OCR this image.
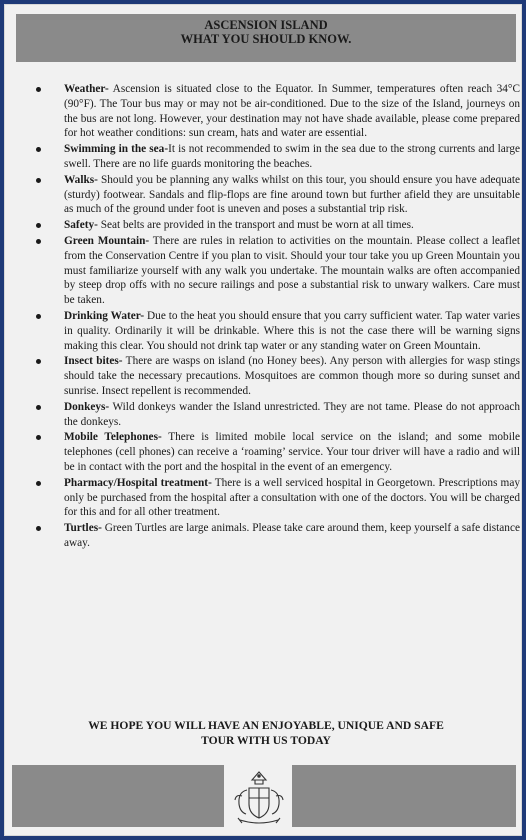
ASCENSION ISLAND
WHAT YOU SHOULD KNOW.
Weather- Ascension is situated close to the Equator. In Summer, temperatures often reach 34°C (90°F). The Tour bus may or may not be air-conditioned. Due to the size of the Island, journeys on the bus are not long. However, your destination may not have shade available, please come prepared for hot weather conditions: sun cream, hats and water are essential.
Swimming in the sea-It is not recommended to swim in the sea due to the strong currents and large swell. There are no life guards monitoring the beaches.
Walks- Should you be planning any walks whilst on this tour, you should ensure you have adequate (sturdy) footwear. Sandals and flip-flops are fine around town but further afield they are unsuitable as much of the ground under foot is uneven and poses a substantial trip risk.
Safety- Seat belts are provided in the transport and must be worn at all times.
Green Mountain- There are rules in relation to activities on the mountain. Please collect a leaflet from the Conservation Centre if you plan to visit. Should your tour take you up Green Mountain you must familiarize yourself with any walk you undertake. The mountain walks are often accompanied by steep drop offs with no secure railings and pose a substantial risk to unwary walkers. Care must be taken.
Drinking Water- Due to the heat you should ensure that you carry sufficient water. Tap water varies in quality. Ordinarily it will be drinkable. Where this is not the case there will be warning signs making this clear. You should not drink tap water or any standing water on Green Mountain.
Insect bites- There are wasps on island (no Honey bees). Any person with allergies for wasp stings should take the necessary precautions. Mosquitoes are common though more so during sunset and sunrise. Insect repellent is recommended.
Donkeys- Wild donkeys wander the Island unrestricted. They are not tame. Please do not approach the donkeys.
Mobile Telephones- There is limited mobile local service on the island; and some mobile telephones (cell phones) can receive a ‘roaming’ service. Your tour driver will have a radio and will be in contact with the port and the hospital in the event of an emergency.
Pharmacy/Hospital treatment- There is a well serviced hospital in Georgetown. Prescriptions may only be purchased from the hospital after a consultation with one of the doctors. You will be charged for this and for all other treatment.
Turtles- Green Turtles are large animals. Please take care around them, keep yourself a safe distance away.
WE HOPE YOU WILL HAVE AN ENJOYABLE, UNIQUE AND SAFE
TOUR WITH US TODAY
